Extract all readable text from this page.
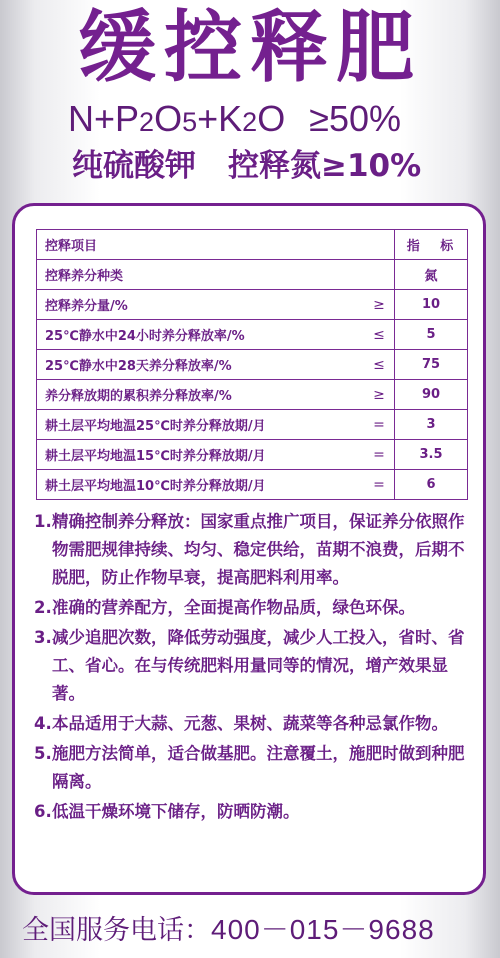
缓控释肥
N+P2O5+K2O ≥50%
纯硫酸钾 控释氮≥10%
控释项目		指 标
控释养分种类		氮
控释养分量/%	≥	10
25℃静水中24小时养分释放率/%	≤	5
25℃静水中28天养分释放率/%	≤	75
养分释放期的累积养分释放率/%	≥	90
耕土层平均地温25℃时养分释放期/月	=	3
耕土层平均地温15℃时养分释放期/月	=	3.5
耕土层平均地温10℃时养分释放期/月	=	6
1. 精确控制养分释放：国家重点推广项目，保证养分依照作物需肥规律持续、均匀、稳定供给，苗期不浪费，后期不脱肥，防止作物早衰，提高肥料利用率。
2. 准确的营养配方，全面提高作物品质，绿色环保。
3. 减少追肥次数，降低劳动强度，减少人工投入，省时、省工、省心。在与传统肥料用量同等的情况，增产效果显著。
4. 本品适用于大蒜、元葱、果树、蔬菜等各种忌氯作物。
5. 施肥方法简单，适合做基肥。注意覆土，施肥时做到种肥隔离。
6. 低温干燥环境下储存，防晒防潮。
全国服务电话：400－015－9688
